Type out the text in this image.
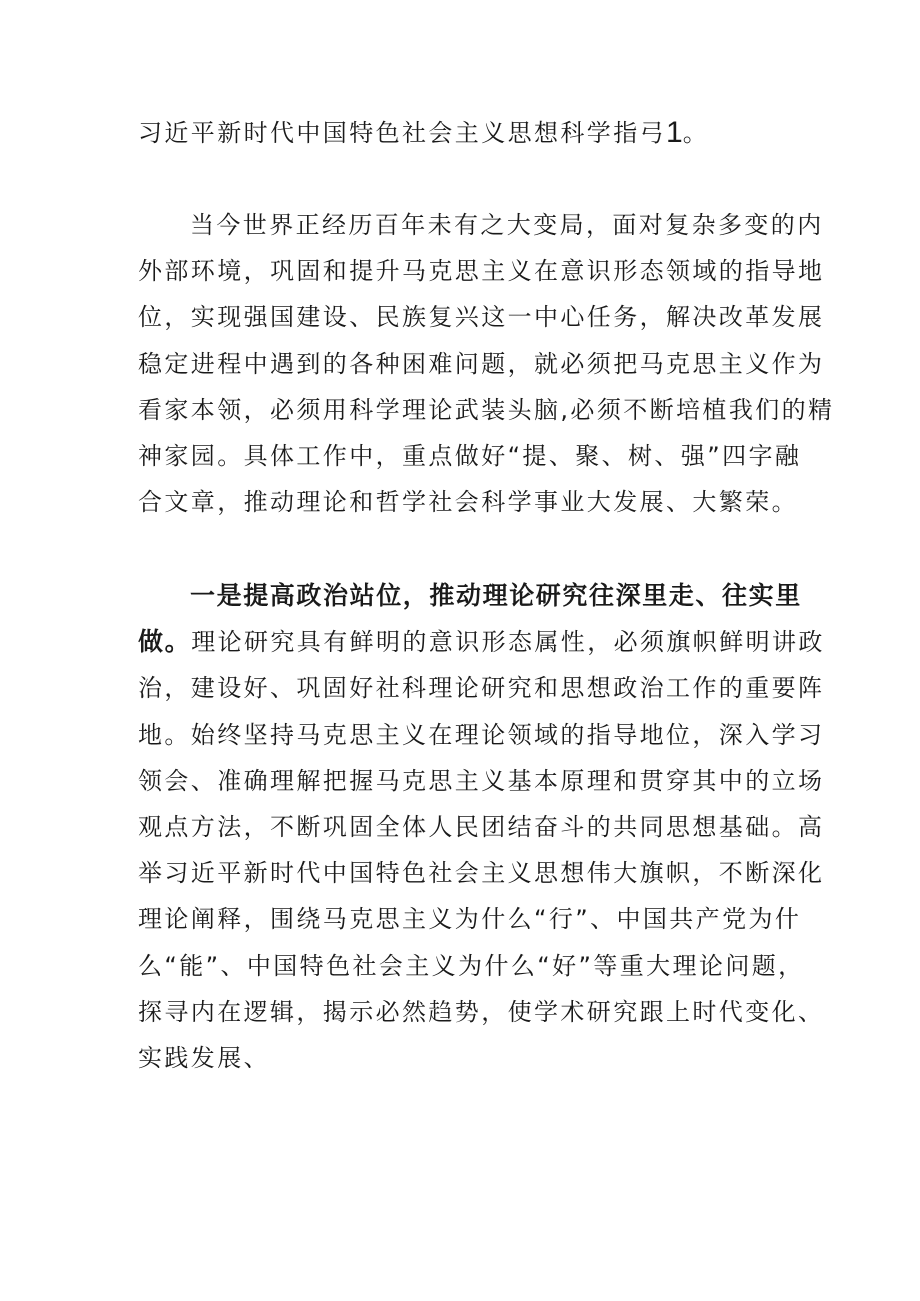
习近平新时代中国特色社会主义思想科学指弓1。
当今世界正经历百年未有之大变局，面对复杂多变的内
外部环境，巩固和提升马克思主义在意识形态领域的指导地
位，实现强国建设、民族复兴这一中心任务，解决改革发展
稳定进程中遇到的各种困难问题，就必须把马克思主义作为
看家本领，必须用科学理论武装头脑,必须不断培植我们的精
神家园。具体工作中，重点做好“提、聚、树、强”四字融
合文章，推动理论和哲学社会科学事业大发展、大繁荣。
一是提高政治站位，推动理论研究往深里走、往实里
做。理论研究具有鲜明的意识形态属性，必须旗帜鲜明讲政
治，建设好、巩固好社科理论研究和思想政治工作的重要阵
地。始终坚持马克思主义在理论领域的指导地位，深入学习
领会、准确理解把握马克思主义基本原理和贯穿其中的立场
观点方法，不断巩固全体人民团结奋斗的共同思想基础。高
举习近平新时代中国特色社会主义思想伟大旗帜，不断深化
理论阐释，围绕马克思主义为什么“行”、中国共产党为什
么“能”、中国特色社会主义为什么“好”等重大理论问题，
探寻内在逻辑，揭示必然趋势，使学术研究跟上时代变化、
实践发展、
